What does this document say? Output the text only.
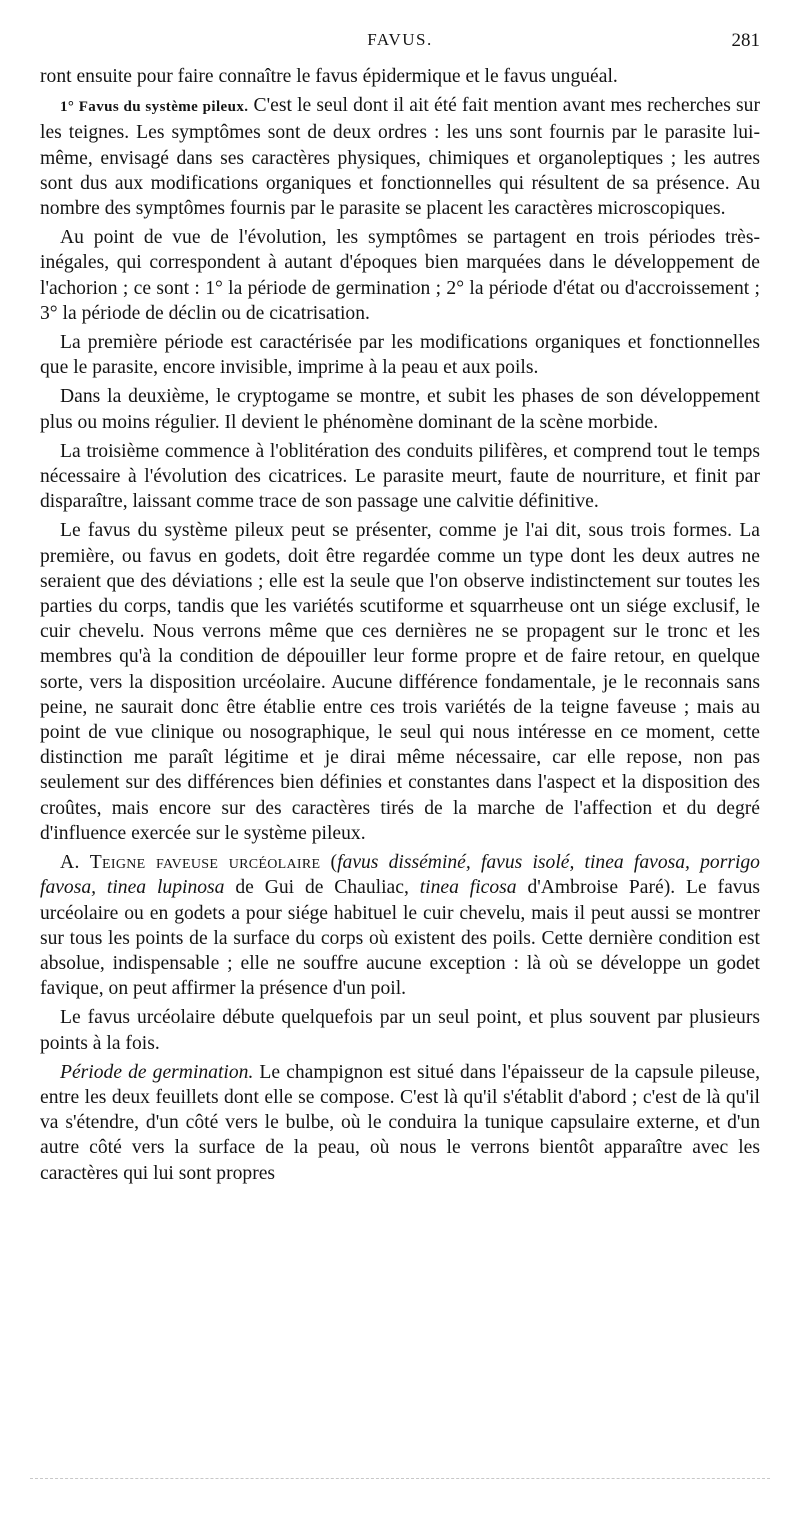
FAVUS.	281

ront ensuite pour faire connaître le favus épidermique et le favus unguéal.

1° Favus du système pileux. C'est le seul dont il ait été fait mention avant mes recherches sur les teignes. Les symptômes sont de deux ordres : les uns sont fournis par le parasite lui-même, envisagé dans ses caractères physiques, chimiques et organoleptiques ; les autres sont dus aux modifications organiques et fonctionnelles qui résultent de sa présence. Au nombre des symptômes fournis par le parasite se placent les caractères microscopiques.

Au point de vue de l'évolution, les symptômes se partagent en trois périodes très-inégales, qui correspondent à autant d'époques bien marquées dans le développement de l'achorion ; ce sont : 1° la période de germination ; 2° la période d'état ou d'accroissement ; 3° la période de déclin ou de cicatrisation.

La première période est caractérisée par les modifications organiques et fonctionnelles que le parasite, encore invisible, imprime à la peau et aux poils.

Dans la deuxième, le cryptogame se montre, et subit les phases de son développement plus ou moins régulier. Il devient le phénomène dominant de la scène morbide.

La troisième commence à l'oblitération des conduits pilifères, et comprend tout le temps nécessaire à l'évolution des cicatrices. Le parasite meurt, faute de nourriture, et finit par disparaître, laissant comme trace de son passage une calvitie définitive.

Le favus du système pileux peut se présenter, comme je l'ai dit, sous trois formes. La première, ou favus en godets, doit être regardée comme un type dont les deux autres ne seraient que des déviations ; elle est la seule que l'on observe indistinctement sur toutes les parties du corps, tandis que les variétés scutiforme et squarrheuse ont un siége exclusif, le cuir chevelu. Nous verrons même que ces dernières ne se propagent sur le tronc et les membres qu'à la condition de dépouiller leur forme propre et de faire retour, en quelque sorte, vers la disposition urcéolaire. Aucune différence fondamentale, je le reconnais sans peine, ne saurait donc être établie entre ces trois variétés de la teigne faveuse ; mais au point de vue clinique ou nosographique, le seul qui nous intéresse en ce moment, cette distinction me paraît légitime et je dirai même nécessaire, car elle repose, non pas seulement sur des différences bien définies et constantes dans l'aspect et la disposition des croûtes, mais encore sur des caractères tirés de la marche de l'affection et du degré d'influence exercée sur le système pileux.

A. Teigne faveuse urcéolaire (favus disséminé, favus isolé, tinea favosa, porrigo favosa, tinea lupinosa de Gui de Chauliac, tinea ficosa d'Ambroise Paré). Le favus urcéolaire ou en godets a pour siége habituel le cuir chevelu, mais il peut aussi se montrer sur tous les points de la surface du corps où existent des poils. Cette dernière condition est absolue, indispensable ; elle ne souffre aucune exception : là où se développe un godet favique, on peut affirmer la présence d'un poil.

Le favus urcéolaire débute quelquefois par un seul point, et plus souvent par plusieurs points à la fois.

Période de germination. Le champignon est situé dans l'épaisseur de la capsule pileuse, entre les deux feuillets dont elle se compose. C'est là qu'il s'établit d'abord ; c'est de là qu'il va s'étendre, d'un côté vers le bulbe, où le conduira la tunique capsulaire externe, et d'un autre côté vers la surface de la peau, où nous le verrons bientôt apparaître avec les caractères qui lui sont propres
